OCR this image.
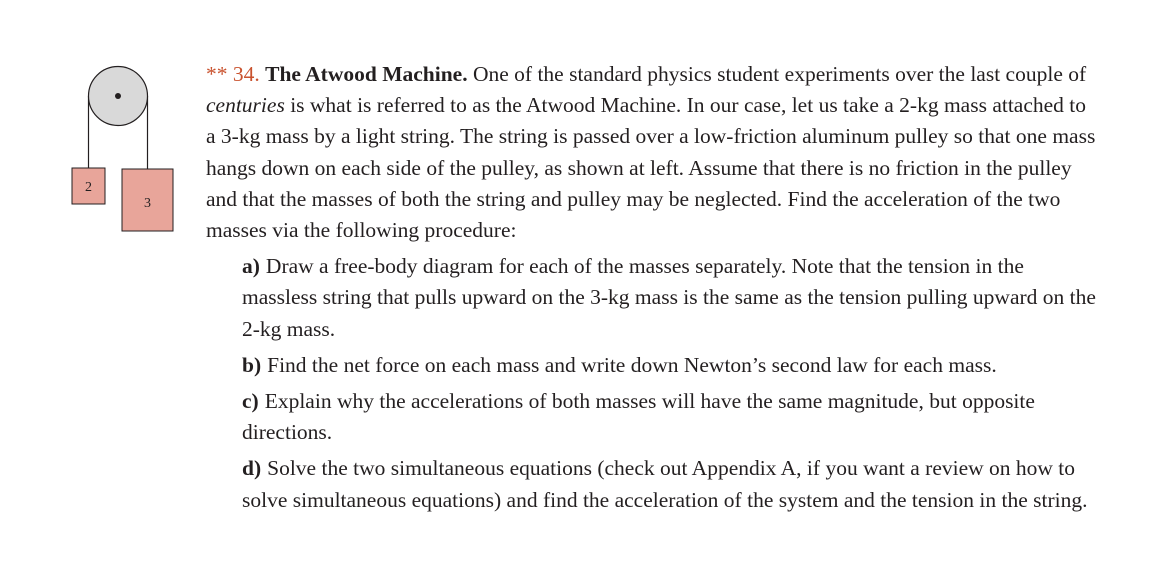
2
3

** 34. The Atwood Machine. One of the standard physics student experiments over the last couple of centuries is what is referred to as the Atwood Machine. In our case, let us take a 2-kg mass attached to a 3-kg mass by a light string. The string is passed over a low-friction aluminum pulley so that one mass hangs down on each side of the pulley, as shown at left. Assume that there is no friction in the pulley and that the masses of both the string and pulley may be neglected. Find the acceleration of the two masses via the following procedure:

a) Draw a free-body diagram for each of the masses separately. Note that the tension in the massless string that pulls upward on the 3-kg mass is the same as the tension pulling upward on the 2-kg mass.
b) Find the net force on each mass and write down Newton’s second law for each mass.
c) Explain why the accelerations of both masses will have the same magnitude, but opposite directions.
d) Solve the two simultaneous equations (check out Appendix A, if you want a review on how to solve simultaneous equations) and find the acceleration of the system and the tension in the string.
